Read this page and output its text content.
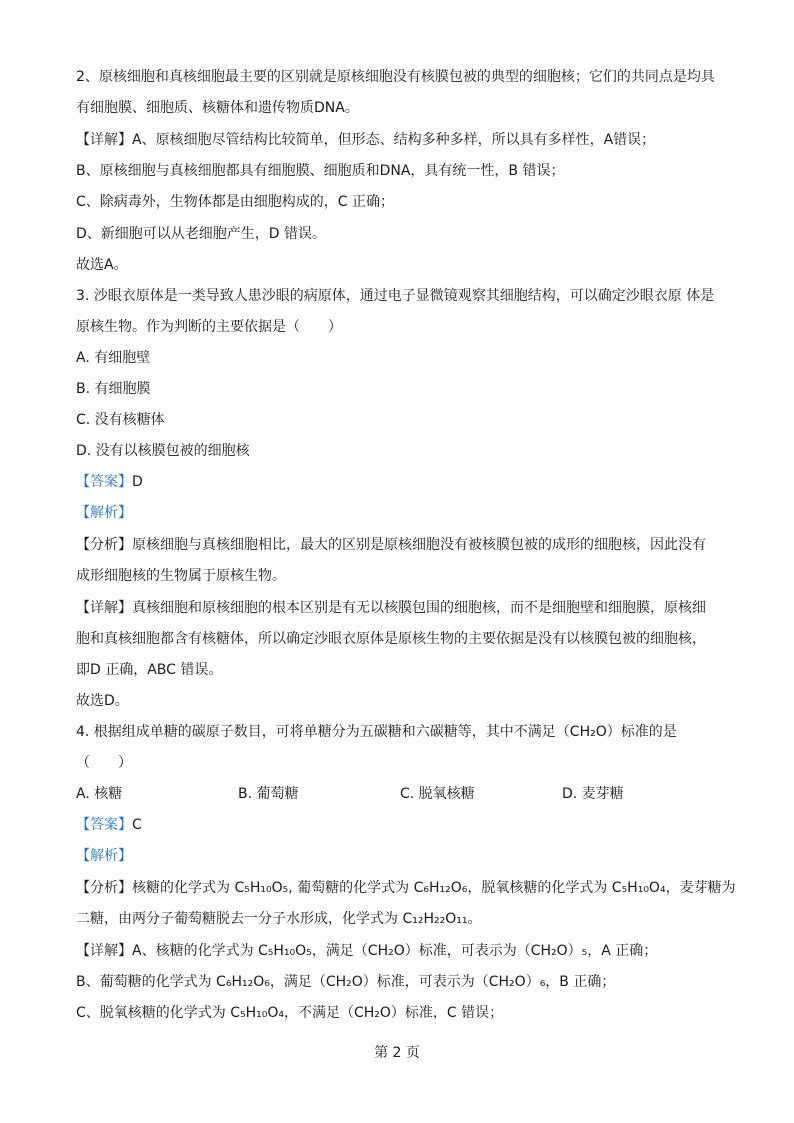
2、原核细胞和真核细胞最主要的区别就是原核细胞没有核膜包被的典型的细胞核；它们的共同点是均具
有细胞膜、细胞质、核糖体和遗传物质DNA。
【详解】A、原核细胞尽管结构比较简单，但形态、结构多种多样，所以具有多样性，A错误；
B、原核细胞与真核细胞都具有细胞膜、细胞质和DNA，具有统一性，B 错误；
C、除病毒外，生物体都是由细胞构成的，C 正确；
D、新细胞可以从老细胞产生，D 错误。
故选A。
3. 沙眼衣原体是一类导致人患沙眼的病原体，通过电子显微镜观察其细胞结构，可以确定沙眼衣原 体是
原核生物。作为判断的主要依据是（　　）
A. 有细胞壁
B. 有细胞膜
C. 没有核糖体
D. 没有以核膜包被的细胞核
【答案】D
【解析】
【分析】原核细胞与真核细胞相比，最大的区别是原核细胞没有被核膜包被的成形的细胞核，因此没有
成形细胞核的生物属于原核生物。
【详解】真核细胞和原核细胞的根本区别是有无以核膜包围的细胞核，而不是细胞壁和细胞膜，原核细
胞和真核细胞都含有核糖体，所以确定沙眼衣原体是原核生物的主要依据是没有以核膜包被的细胞核，
即D 正确，ABC 错误。
故选D。
4. 根据组成单糖的碳原子数目，可将单糖分为五碳糖和六碳糖等，其中不满足（CH₂O）标准的是
（　　）
A. 核糖	B. 葡萄糖	C. 脱氧核糖	D. 麦芽糖
【答案】C
【解析】
【分析】核糖的化学式为 C₅H₁₀O₅, 葡萄糖的化学式为 C₆H₁₂O₆，脱氧核糖的化学式为 C₅H₁₀O₄，麦芽糖为
二糖，由两分子葡萄糖脱去一分子水形成，化学式为 C₁₂H₂₂O₁₁。
【详解】A、核糖的化学式为 C₅H₁₀O₅，满足（CH₂O）标准，可表示为（CH₂O）₅，A 正确；
B、葡萄糖的化学式为 C₆H₁₂O₆，满足（CH₂O）标准，可表示为（CH₂O）₆，B 正确；
C、脱氧核糖的化学式为 C₅H₁₀O₄，不满足（CH₂O）标准，C 错误；
第 2 页
